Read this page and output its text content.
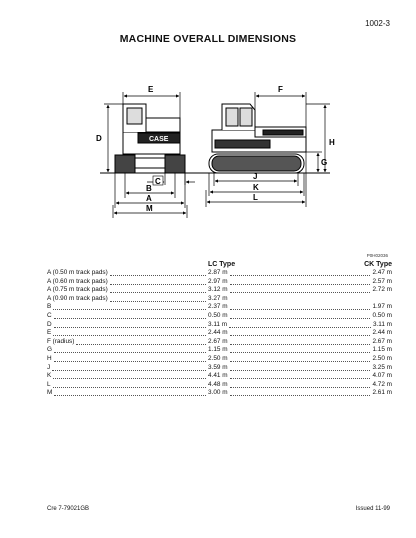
1002-3
MACHINE OVERALL DIMENSIONS
CASE
E
D
C
B
A
M
F
H
G
J
K
L
P0H02036
LC Type	CK Type
A (0.50 m track pads)	2.87 m	2.47 m
A (0.60 m track pads)	2.97 m	2.57 m
A (0.75 m track pads)	3.12 m	2.72 m
A (0.90 m track pads)	3.27 m
B	2.37 m	1.97 m
C	0.50 m	0.50 m
D	3.11 m	3.11 m
E	2.44 m	2.44 m
F (radius)	2.67 m	2.67 m
G	1.15 m	1.15 m
H	2.50 m	2.50 m
J	3.59 m	3.25 m
K	4.41 m	4.07 m
L	4.48 m	4.72 m
M	3.00 m	2.61 m
Cre 7-79021GB	Issued 11-99
